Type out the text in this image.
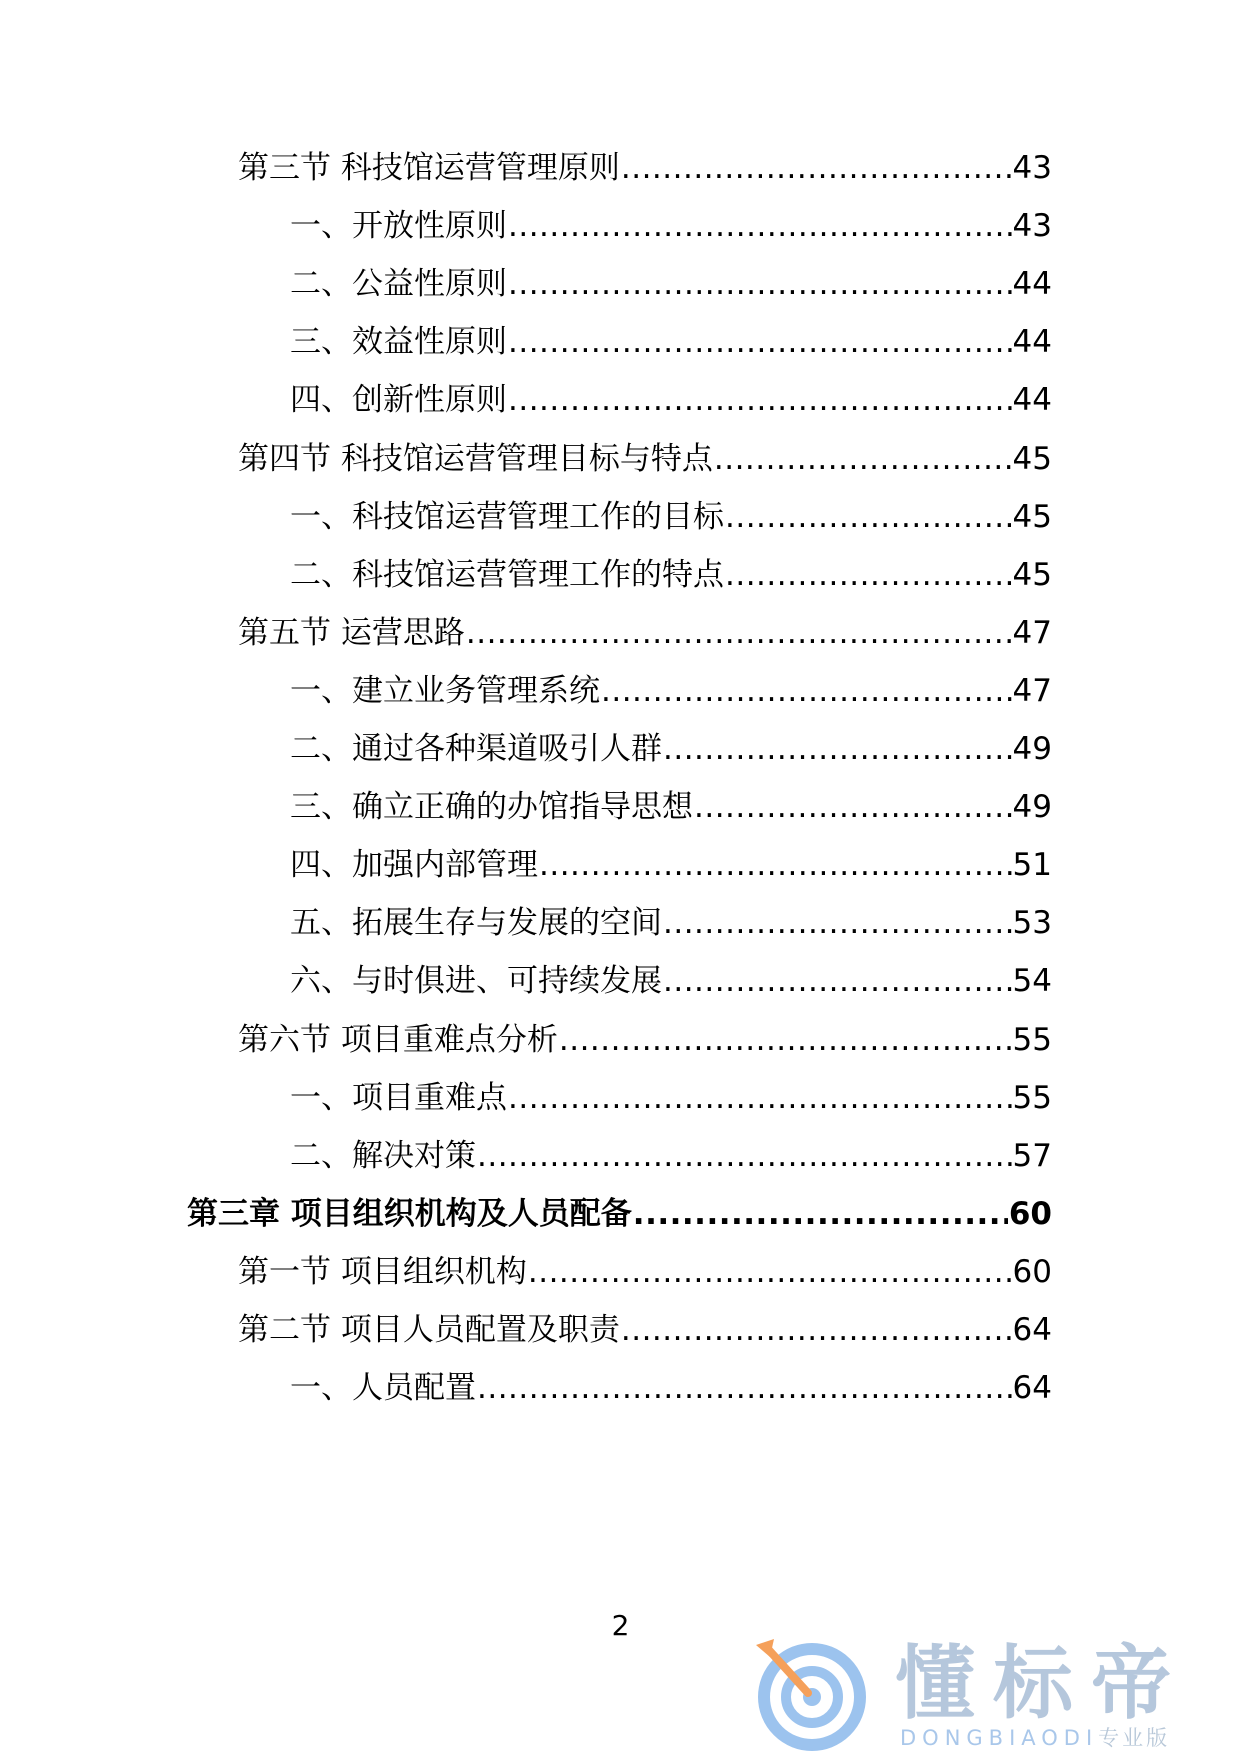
第三节 科技馆运营管理原则 .....	43
一、开放性原则 .....	43
二、公益性原则 .....	44
三、效益性原则 .....	44
四、创新性原则 .....	44
第四节 科技馆运营管理目标与特点 .....	45
一、科技馆运营管理工作的目标 .....	45
二、科技馆运营管理工作的特点 .....	45
第五节 运营思路 .....	47
一、建立业务管理系统 .....	47
二、通过各种渠道吸引人群 .....	49
三、确立正确的办馆指导思想 .....	49
四、加强内部管理 .....	51
五、拓展生存与发展的空间 .....	53
六、与时俱进、可持续发展 .....	54
第六节 项目重难点分析 .....	55
一、项目重难点 .....	55
二、解决对策 .....	57
第三章 项目组织机构及人员配备 .....	60
第一节 项目组织机构 .....	60
第二节 项目人员配置及职责 .....	64
一、人员配置 .....	64
2
懂标帝
DONGBIAODI专业版
